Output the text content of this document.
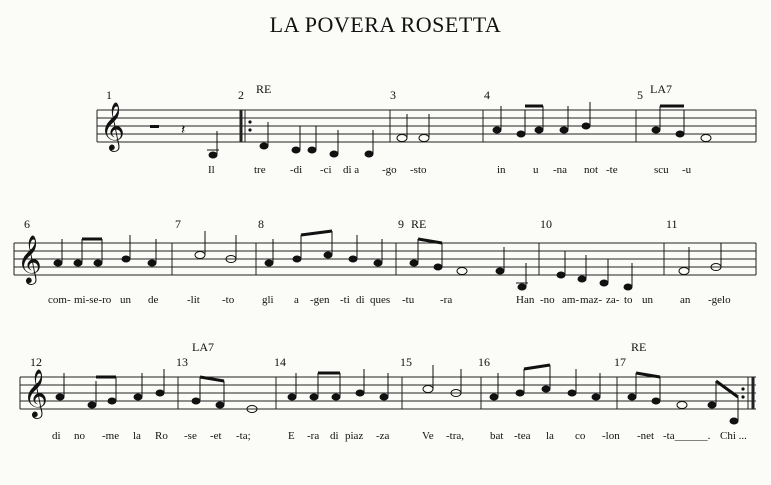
LA POVERA ROSETTA
𝄞	𝄽
𝄞
𝄞
1	2	3	4	5
RE	LA7
Il	tre -di -ci di a -go -sto	in u -na not -te	scu -u
6	7	8	9	10	11
RE
com- mi-se-ro un de	-lit -to	gli a -gen -ti di ques -tu -ra	Han -no am- maz- za- to un an -gelo
12	13	14	15	16	17
LA7	RE
di no -me la Ro -se -et -ta;	E -ra di piaz -za	Ve -tra, bat -tea la co -lon -net -ta______. Chi ...
